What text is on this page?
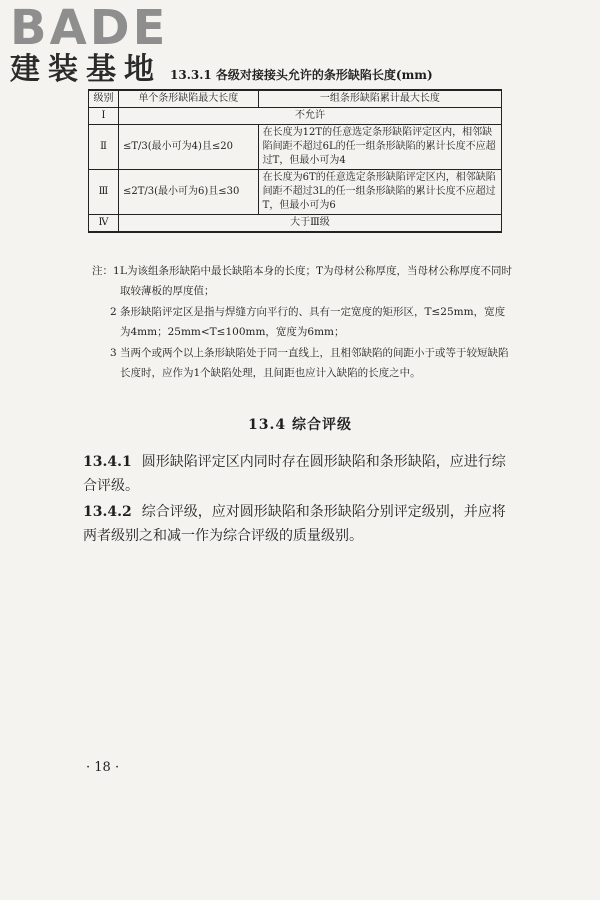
BADE
建装基地 13.3.1 各级对接接头允许的条形缺陷长度(mm)
级别	单个条形缺陷最大长度	一组条形缺陷累计最大长度
Ⅰ	不允许	
Ⅱ	≤T/3(最小可为4)且≤20	在长度为12T的任意选定条形缺陷评定区内，相邻缺陷间距不超过6L的任一组条形缺陷的累计长度不应超过T，但最小可为4
Ⅲ	≤2T/3(最小可为6)且≤30	在长度为6T的任意选定条形缺陷评定区内，相邻缺陷间距不超过3L的任一组条形缺陷的累计长度不应超过T，但最小可为6
Ⅳ	大于Ⅲ级	
注：1 L为该组条形缺陷中最长缺陷本身的长度；T为母材公称厚度，当母材公称厚度不同时取较薄板的厚度值；
2 条形缺陷评定区是指与焊缝方向平行的、具有一定宽度的矩形区，T≤25mm，宽度为4mm；25mm<T≤100mm，宽度为6mm；
3 当两个或两个以上条形缺陷处于同一直线上，且相邻缺陷的间距小于或等于较短缺陷长度时，应作为1个缺陷处理，且间距也应计入缺陷的长度之中。
13.4 综合评级
13.4.1 圆形缺陷评定区内同时存在圆形缺陷和条形缺陷，应进行综合评级。
13.4.2 综合评级，应对圆形缺陷和条形缺陷分别评定级别，并应将两者级别之和减一作为综合评级的质量级别。
· 18 ·
